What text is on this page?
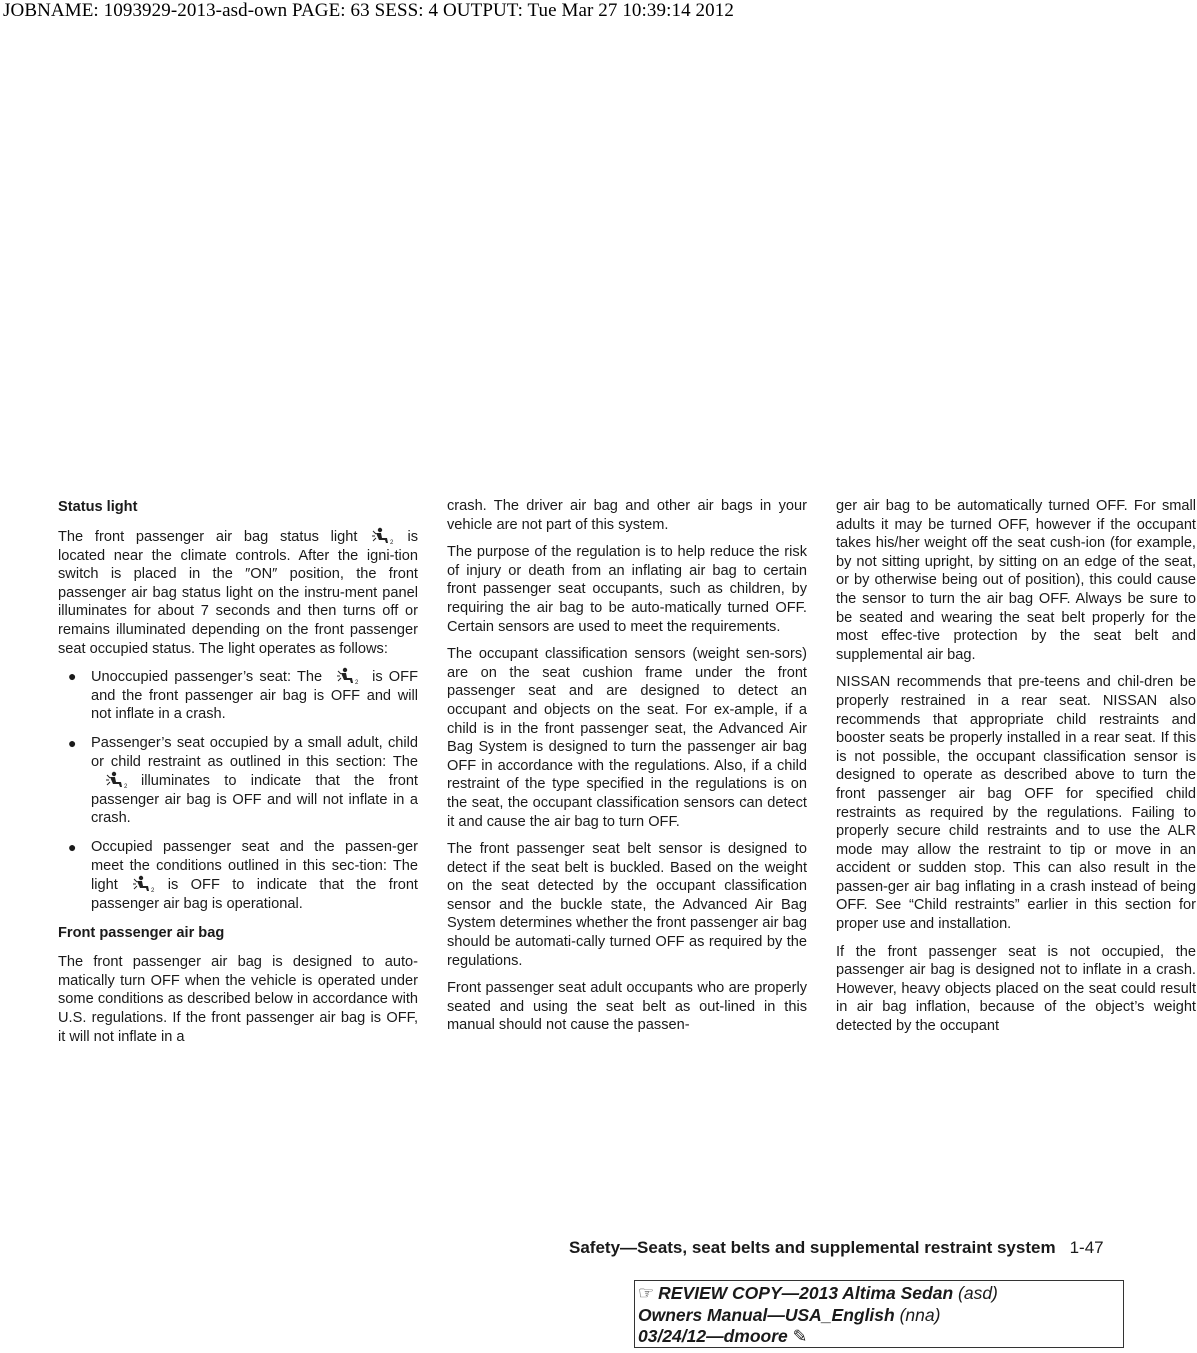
JOBNAME: 1093929-2013-asd-own PAGE: 63 SESS: 4 OUTPUT: Tue Mar 27 10:39:14 2012
Status light

The front passenger air bag status light	2 is located near the climate controls. After the igni-tion switch is placed in the ″ON″ position, the front passenger air bag status light on the instru-ment panel illuminates for about 7 seconds and then turns off or remains illuminated depending on the front passenger seat occupied status. The light operates as follows:

● Unoccupied passenger’s seat: The	2 is OFF and the front passenger air bag is OFF and will not inflate in a crash.
● Passenger’s seat occupied by a small adult, child or child restraint as outlined in this section: The
2 illuminates to indicate that the front passenger air bag is OFF and will not inflate in a crash.
● Occupied passenger seat and the passen-ger meet the conditions outlined in this sec-tion: The light	2 is OFF to indicate that the front passenger air bag is operational.
Front passenger air bag

The front passenger air bag is designed to auto-matically turn OFF when the vehicle is operated under some conditions as described below in accordance with U.S. regulations. If the front passenger air bag is OFF, it will not inflate in a

crash. The driver air bag and other air bags in your vehicle are not part of this system.

The purpose of the regulation is to help reduce the risk of injury or death from an inflating air bag to certain front passenger seat occupants, such as children, by requiring the air bag to be auto-matically turned OFF. Certain sensors are used to meet the requirements.

The occupant classification sensors (weight sen-sors) are on the seat cushion frame under the front passenger seat and are designed to detect an occupant and objects on the seat. For ex-ample, if a child is in the front passenger seat, the Advanced Air Bag System is designed to turn the passenger air bag OFF in accordance with the regulations. Also, if a child restraint of the type specified in the regulations is on the seat, the occupant classification sensors can detect it and cause the air bag to turn OFF.

The front passenger seat belt sensor is designed to detect if the seat belt is buckled. Based on the weight on the seat detected by the occupant classification sensor and the buckle state, the Advanced Air Bag System determines whether the front passenger air bag should be automati-cally turned OFF as required by the regulations.

Front passenger seat adult occupants who are properly seated and using the seat belt as out-lined in this manual should not cause the passen-

ger air bag to be automatically turned OFF. For small adults it may be turned OFF, however if the occupant takes his/her weight off the seat cush-ion (for example, by not sitting upright, by sitting on an edge of the seat, or by otherwise being out of position), this could cause the sensor to turn the air bag OFF. Always be sure to be seated and wearing the seat belt properly for the most effec-tive protection by the seat belt and supplemental air bag.

NISSAN recommends that pre-teens and chil-dren be properly restrained in a rear seat. NISSAN also recommends that appropriate child restraints and booster seats be properly installed in a rear seat. If this is not possible, the occupant classification sensor is designed to operate as described above to turn the front passenger air bag OFF for specified child restraints as required by the regulations. Failing to properly secure child restraints and to use the ALR mode may allow the restraint to tip or move in an accident or sudden stop. This can also result in the passen-ger air bag inflating in a crash instead of being OFF. See “Child restraints” earlier in this section for proper use and installation.

If the front passenger seat is not occupied, the passenger air bag is designed not to inflate in a crash. However, heavy objects placed on the seat could result in air bag inflation, because of the object’s weight detected by the occupant

Safety—Seats, seat belts and supplemental restraint system 1-47
☞ REVIEW COPY—2013 Altima Sedan (asd)
Owners Manual—USA_English (nna)
03/24/12—dmoore ✎
